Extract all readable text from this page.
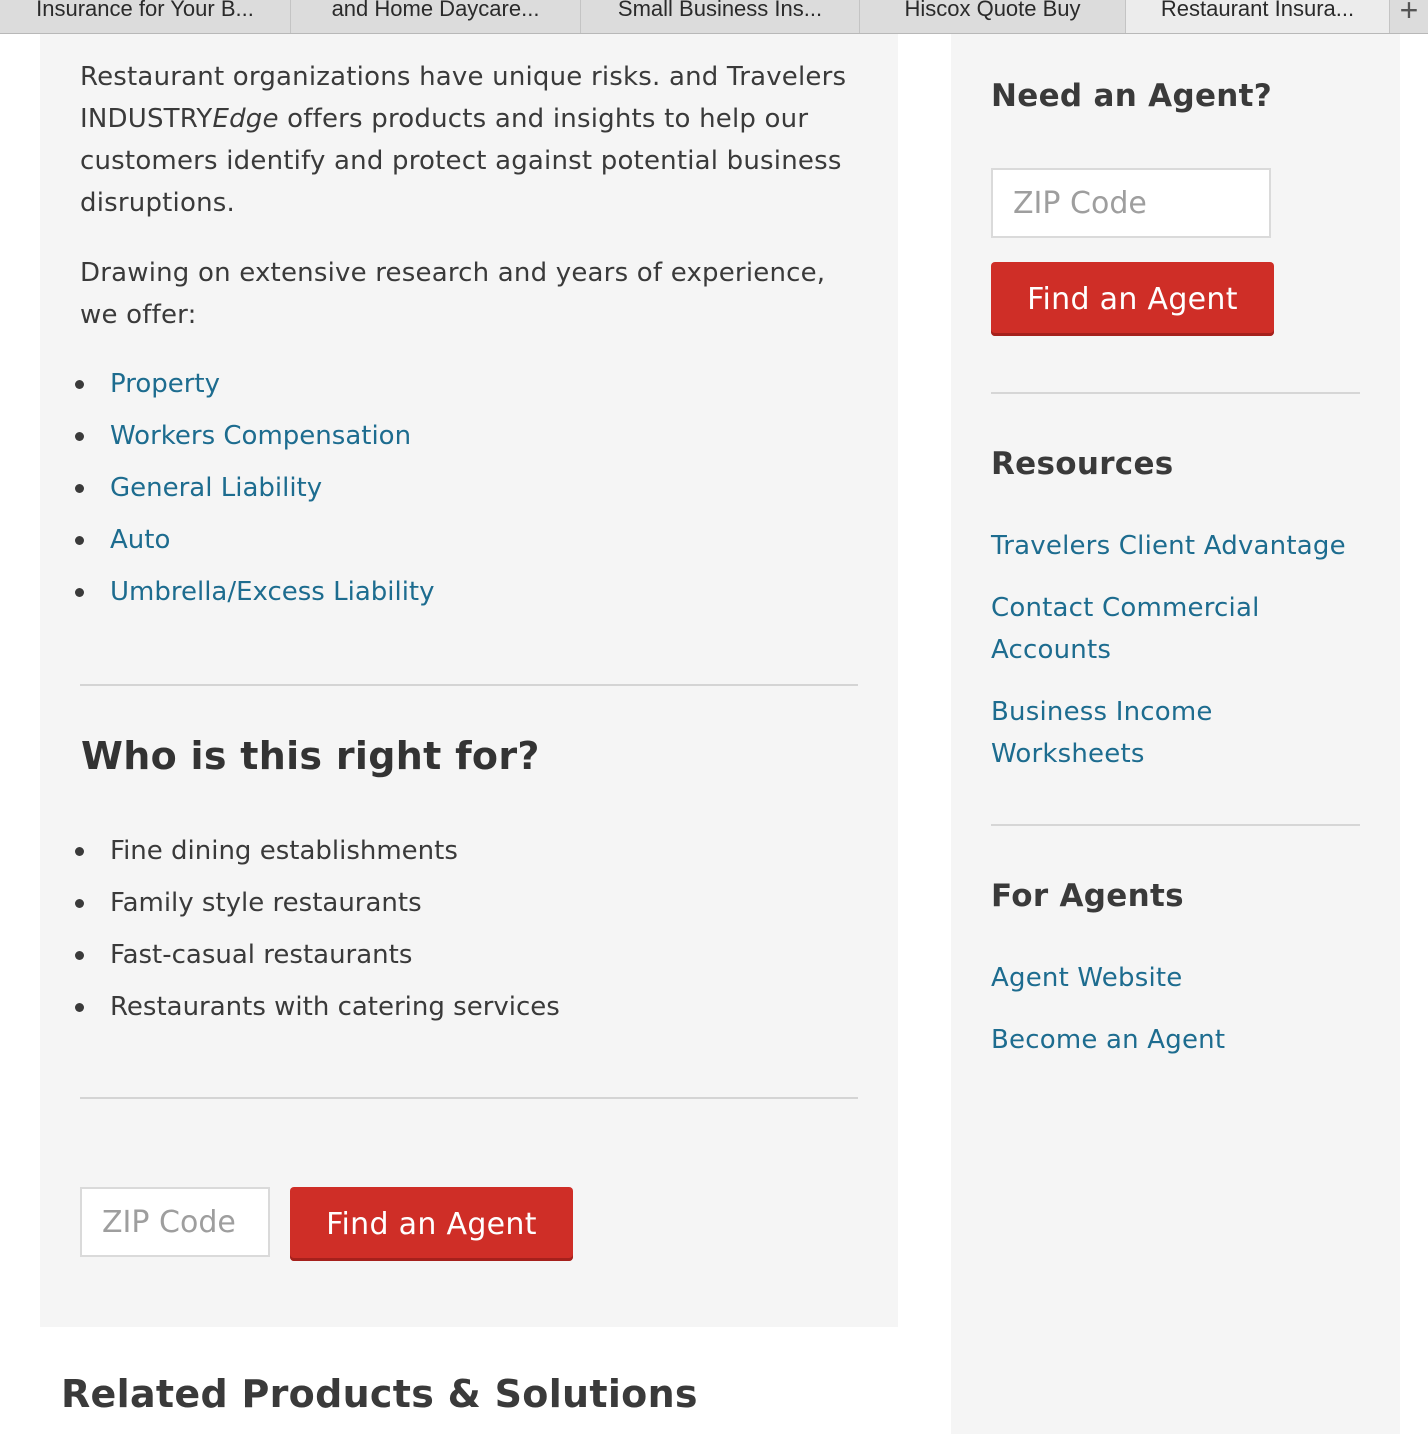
Insurance for Your B...	and Home Daycare...	Small Business Ins...	Hiscox Quote Buy	Restaurant Insura...	+

Restaurant organizations have unique risks. and Travelers INDUSTRYEdge offers products and insights to help our customers identify and protect against potential business disruptions.

Drawing on extensive research and years of experience, we offer:

Property
Workers Compensation
General Liability
Auto
Umbrella/Excess Liability
Who is this right for?
Fine dining establishments
Family style restaurants
Fast-casual restaurants
Restaurants with catering services
ZIP Code
Find an Agent
Related Products & Solutions
Need an Agent?
ZIP Code
Find an Agent
Resources
Travelers Client Advantage
Contact Commercial Accounts
Business Income Worksheets
For Agents
Agent Website
Become an Agent
